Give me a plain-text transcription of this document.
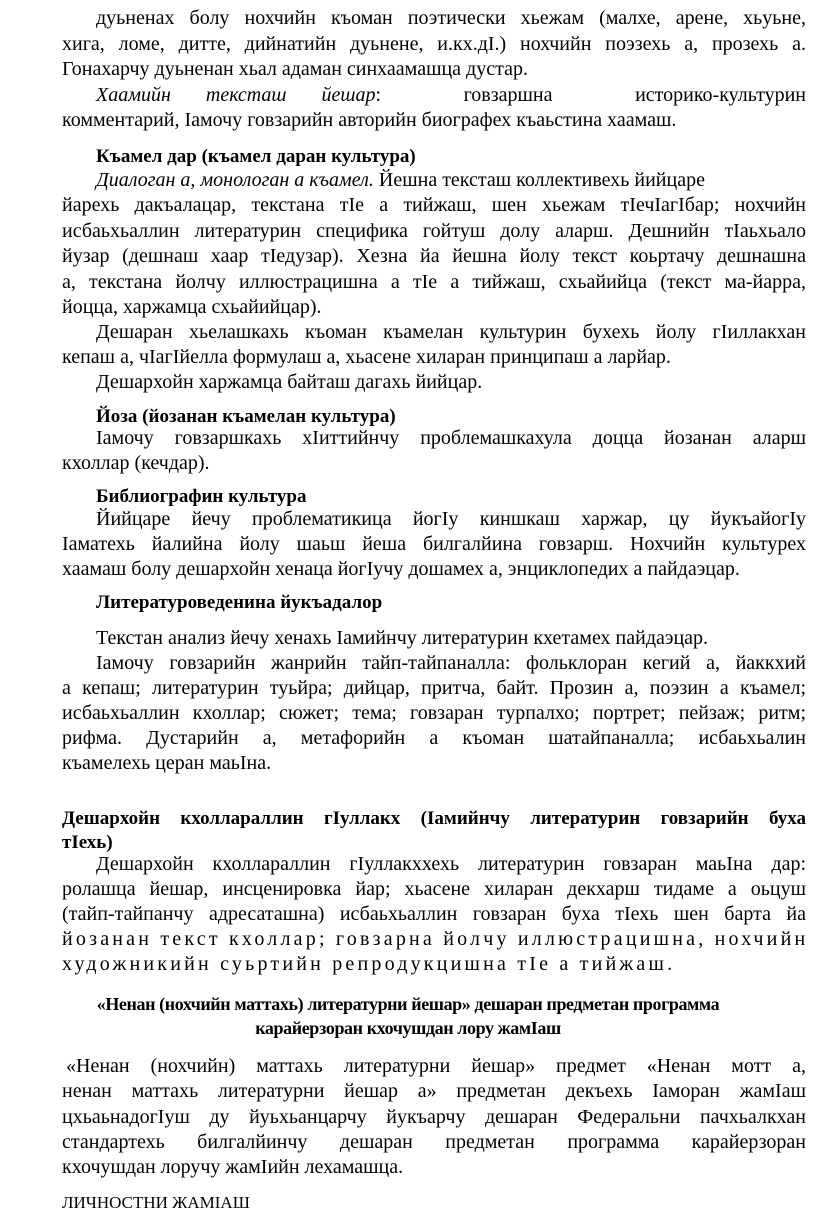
дуьненах болу нохчийн къоман поэтически хьежам (малхе, арене, хьуьне,
хига, ломе, дитте, дийнатийн дуьнене, и.кх.дI.) нохчийн поэзехь а, прозехь а.
Гонахарчу дуьненан хьал адаман синхаамашца дустар.
Хаамийн тексташ йешар : говзаршна историко-культурин
комментарий, Iамочу говзарийн авторийн биографех къаьстина хаамаш.
Къамел дар (къамел даран культура)
Диалоган а, монологан а къамел. Йешна тексташ коллективехь йийцаре
йарехь дакъалацар, текстана тIе а тийжаш, шен хьежам тIечIагIбар; нохчийн
исбаьхьаллин литературин специфика гойтуш долу аларш. Дешнийн тIаьхьало
йузар (дешнаш хаар тIедузар). Хезна йа йешна йолу текст коьртачу дешнашна
а, текстана йолчу иллюстрацишна а тIе а тийжаш, схьайийца (текст ма-йарра,
йоцца, харжамца схьайийцар).
Дешаран хьелашкахь къоман къамелан культурин бухехь йолу гIиллакхан
кепаш а, чIагIйелла формулаш а, хьасене хиларан принципаш а ларйар.
Дешархойн харжамца байташ дагахь йийцар.
Йоза (йозанан къамелан культура)
Iамочу говзаршкахь хIиттийнчу проблемашкахула доцца йозанан аларш
кхоллар (кечдар).
Библиографин культура
Йийцаре йечу проблематикица йогIу киншкаш харжар, цу йукъайогIу
Iаматехь йалийна йолу шаьш йеша билгалйина говзарш. Нохчийн культурех
хаамаш болу дешархойн хенаца йогIучу дошамех а, энциклопедих а пайдаэцар.
Литературоведенина йукъадалор
Текстан анализ йечу хенахь Iамийнчу литературин кхетамех пайдаэцар.
Iамочу говзарийн жанрийн тайп-тайпаналла: фольклоран кегий а, йаккхий
а кепаш; литературин туьйра; дийцар, притча, байт. Прозин а, поэзин а къамел;
исбаьхьаллин кхоллар; сюжет; тема; говзаран турпалхо; портрет; пейзаж; ритм;
рифма. Дустарийн а, метафорийн а къоман шатайпаналла; исбаьхьалин
къамелехь церан маьIна.
Дешархойн кхоллараллин гIуллакх (Iамийнчу литературин говзарийн буха
тIехь)
Дешархойн кхоллараллин гIуллакххехь литературин говзаран маьIна дар:
ролашца йешар, инсценировка йар; хьасене хиларан декхарш тидаме а оьцуш
(тайп-тайпанчу адресаташна) исбаьхьаллин говзаран буха тIехь шен барта йа
йозанан текст кхоллар; говзарна йолчу иллюстрацишна, нохчийн
художникийн суьртийн репродукцишна тIе а тийжаш.
«Ненан (нохчийн маттахь) литературни йешар» дешаран предметан программа
карайерзоран кхочушдан лору жамIаш
«Ненан (нохчийн) маттахь литературни йешар» предмет «Ненан мотт а,
ненан маттахь литературни йешар а» предметан декъехь Iаморан жамIаш
цхьаьнадогIуш ду йуьхьанцарчу йукъарчу дешаран Федеральни пачхьалкхан
стандартехь билгалйинчу дешаран предметан программа карайерзоран
кхочушдан лоручу жамIийн лехамашца.
ЛИЧНОСТНИ ЖАМIАШ
